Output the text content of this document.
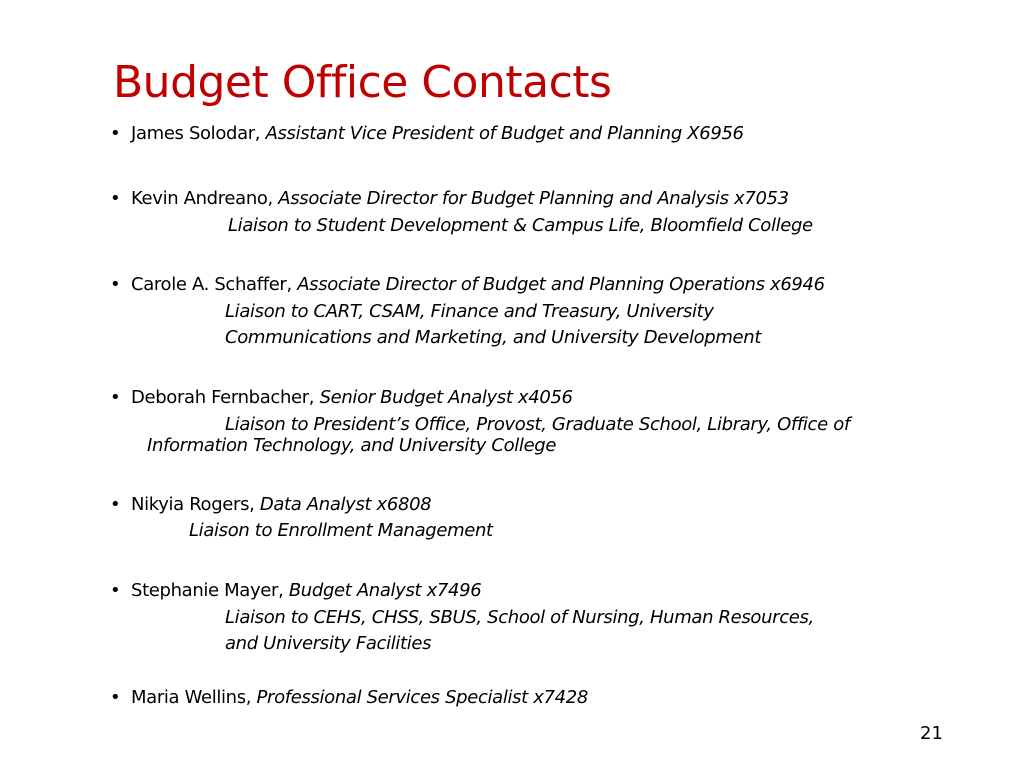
Budget Office Contacts
• James Solodar, Assistant Vice President of Budget and Planning X6956
• Kevin Andreano, Associate Director for Budget Planning and Analysis x7053
Liaison to Student Development & Campus Life, Bloomfield College
• Carole A. Schaffer, Associate Director of Budget and Planning Operations x6946
Liaison to CART, CSAM, Finance and Treasury, University
Communications and Marketing, and University Development
• Deborah Fernbacher, Senior Budget Analyst x4056
Liaison to President’s Office, Provost, Graduate School, Library, Office of
Information Technology, and University College
• Nikyia Rogers, Data Analyst x6808
Liaison to Enrollment Management
• Stephanie Mayer, Budget Analyst x7496
Liaison to CEHS, CHSS, SBUS, School of Nursing, Human Resources,
and University Facilities
• Maria Wellins, Professional Services Specialist x7428
21
